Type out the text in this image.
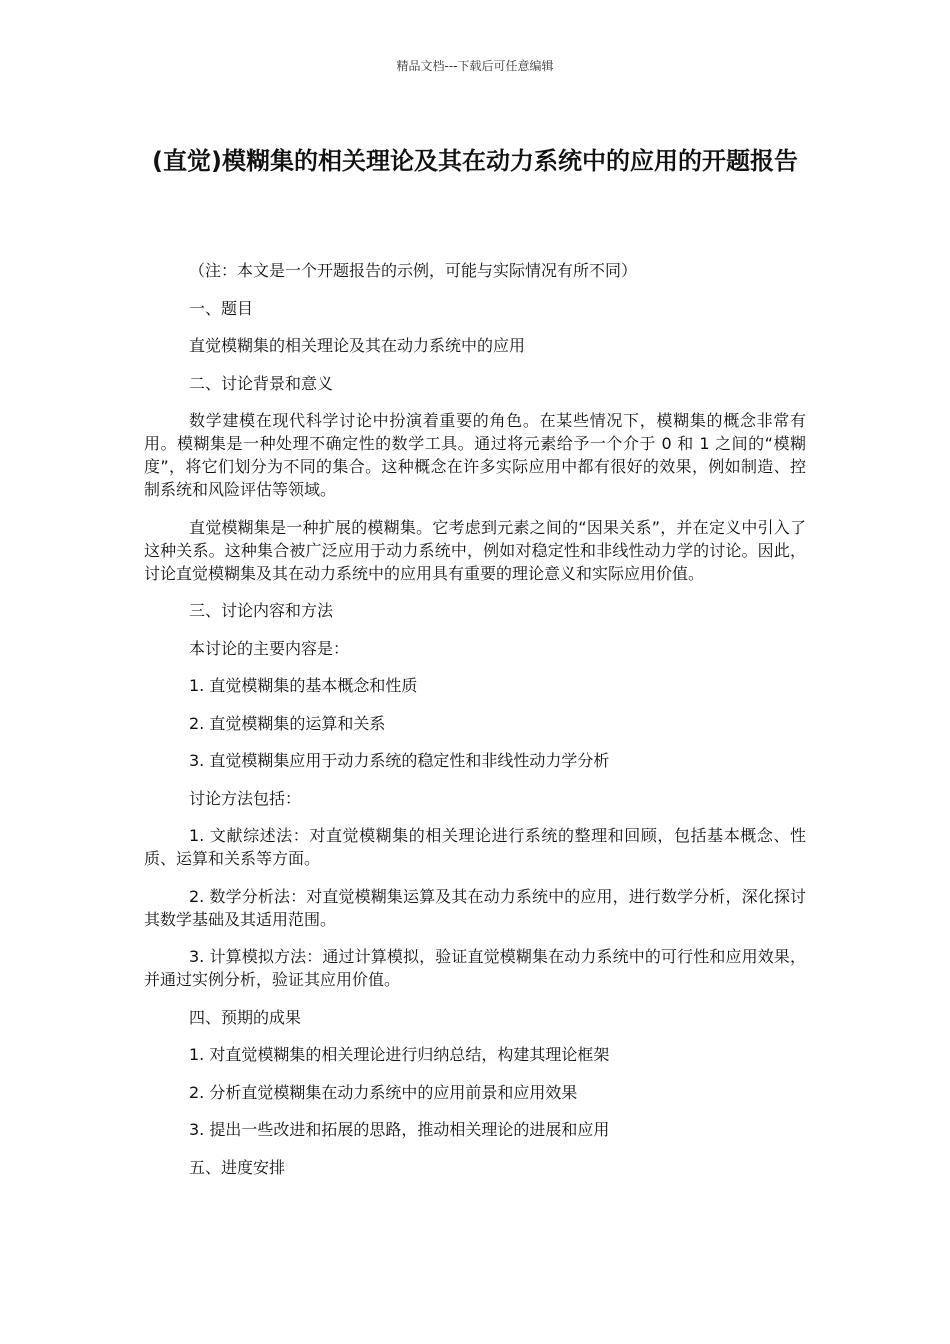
精品文档---下载后可任意编辑
(直觉)模糊集的相关理论及其在动力系统中的应用的开题报告

（注：本文是一个开题报告的示例，可能与实际情况有所不同）

一、题目

直觉模糊集的相关理论及其在动力系统中的应用

二、讨论背景和意义

数学建模在现代科学讨论中扮演着重要的角色。在某些情况下，模糊集的概念非常有用。模糊集是一种处理不确定性的数学工具。通过将元素给予一个介于 0 和 1 之间的“模糊度”，将它们划分为不同的集合。这种概念在许多实际应用中都有很好的效果，例如制造、控制系统和风险评估等领域。

直觉模糊集是一种扩展的模糊集。它考虑到元素之间的“因果关系”，并在定义中引入了这种关系。这种集合被广泛应用于动力系统中，例如对稳定性和非线性动力学的讨论。因此，讨论直觉模糊集及其在动力系统中的应用具有重要的理论意义和实际应用价值。

三、讨论内容和方法

本讨论的主要内容是：

1. 直觉模糊集的基本概念和性质

2. 直觉模糊集的运算和关系

3. 直觉模糊集应用于动力系统的稳定性和非线性动力学分析

讨论方法包括：

1. 文献综述法：对直觉模糊集的相关理论进行系统的整理和回顾，包括基本概念、性质、运算和关系等方面。

2. 数学分析法：对直觉模糊集运算及其在动力系统中的应用，进行数学分析，深化探讨其数学基础及其适用范围。

3. 计算模拟方法：通过计算模拟，验证直觉模糊集在动力系统中的可行性和应用效果，并通过实例分析，验证其应用价值。

四、预期的成果

1. 对直觉模糊集的相关理论进行归纳总结，构建其理论框架

2. 分析直觉模糊集在动力系统中的应用前景和应用效果

3. 提出一些改进和拓展的思路，推动相关理论的进展和应用

五、进度安排
